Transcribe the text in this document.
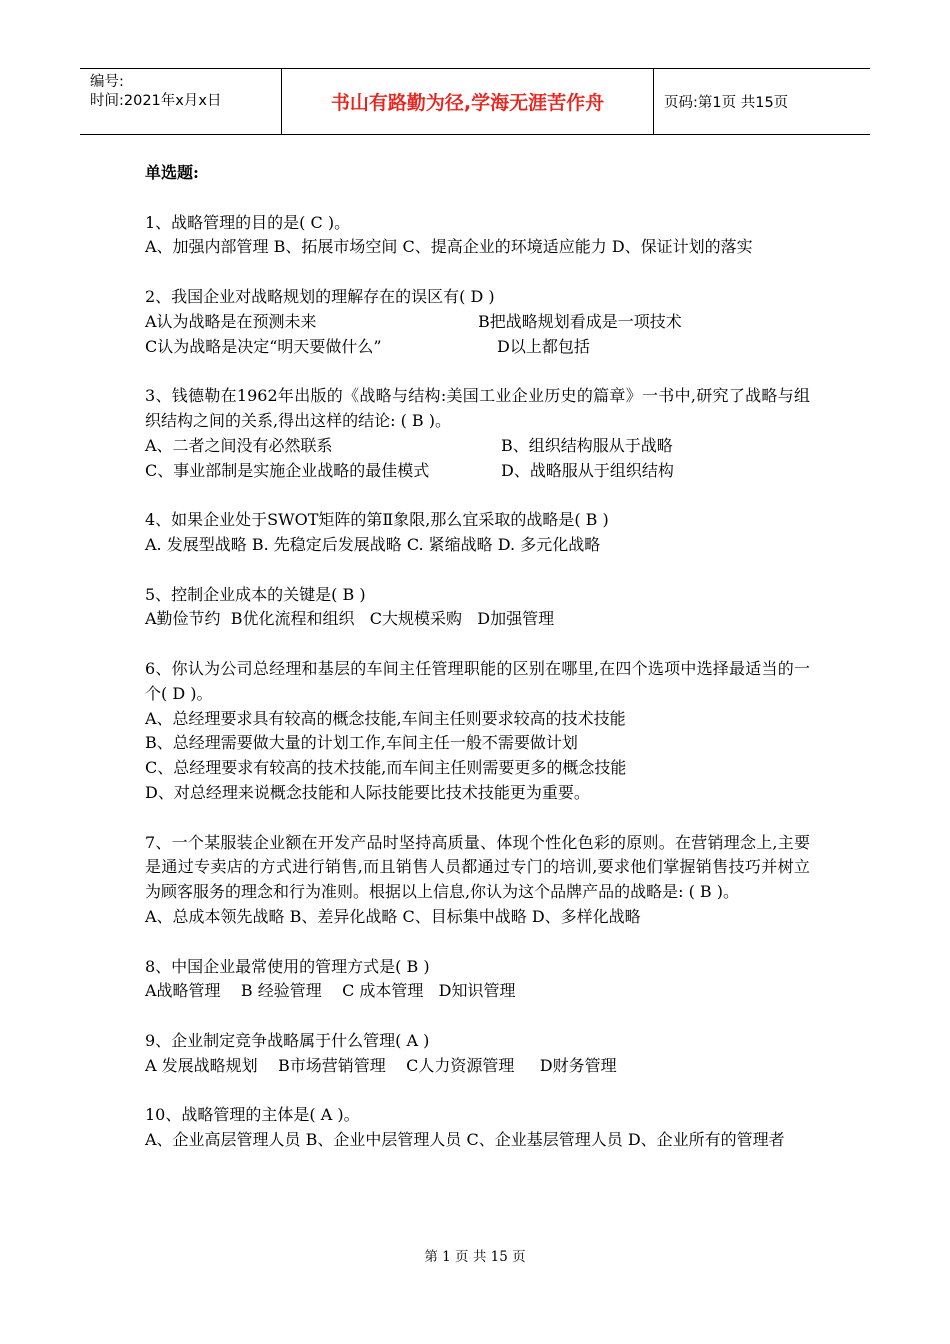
编号:
时间:2021年x月x日	书山有路勤为径,学海无涯苦作舟	页码:第1页 共15页
单选题:
1、战略管理的目的是( C )。
A、加强内部管理 B、拓展市场空间 C、提高企业的环境适应能力 D、保证计划的落实
2、我国企业对战略规划的理解存在的误区有( D )
A认为战略是在预测未来	B把战略规划看成是一项技术
C认为战略是决定“明天要做什么”	D以上都包括
3、钱德勒在1962年出版的《战略与结构:美国工业企业历史的篇章》一书中,研究了战略与组织结构之间的关系,得出这样的结论: ( B )。
A、二者之间没有必然联系	B、组织结构服从于战略
C、事业部制是实施企业战略的最佳模式	D、战略服从于组织结构
4、如果企业处于SWOT矩阵的第Ⅱ象限,那么宜采取的战略是( B )
A. 发展型战略 B. 先稳定后发展战略 C. 紧缩战略 D. 多元化战略
5、控制企业成本的关键是( B )
A勤俭节约  B优化流程和组织   C大规模采购   D加强管理
6、你认为公司总经理和基层的车间主任管理职能的区别在哪里,在四个选项中选择最适当的一个( D )。
A、总经理要求具有较高的概念技能,车间主任则要求较高的技术技能
B、总经理需要做大量的计划工作,车间主任一般不需要做计划
C、总经理要求有较高的技术技能,而车间主任则需要更多的概念技能
D、对总经理来说概念技能和人际技能要比技术技能更为重要。
7、一个某服装企业额在开发产品时坚持高质量、体现个性化色彩的原则。在营销理念上,主要是通过专卖店的方式进行销售,而且销售人员都通过专门的培训,要求他们掌握销售技巧并树立为顾客服务的理念和行为准则。根据以上信息,你认为这个品牌产品的战略是: ( B )。
A、总成本领先战略 B、差异化战略 C、目标集中战略 D、多样化战略
8、中国企业最常使用的管理方式是( B )
A战略管理    B 经验管理    C 成本管理   D知识管理
9、企业制定竞争战略属于什么管理( A )
A 发展战略规划    B市场营销管理    C人力资源管理     D财务管理
10、战略管理的主体是( A )。
A、企业高层管理人员 B、企业中层管理人员 C、企业基层管理人员 D、企业所有的管理者
第 1 页 共 15 页
